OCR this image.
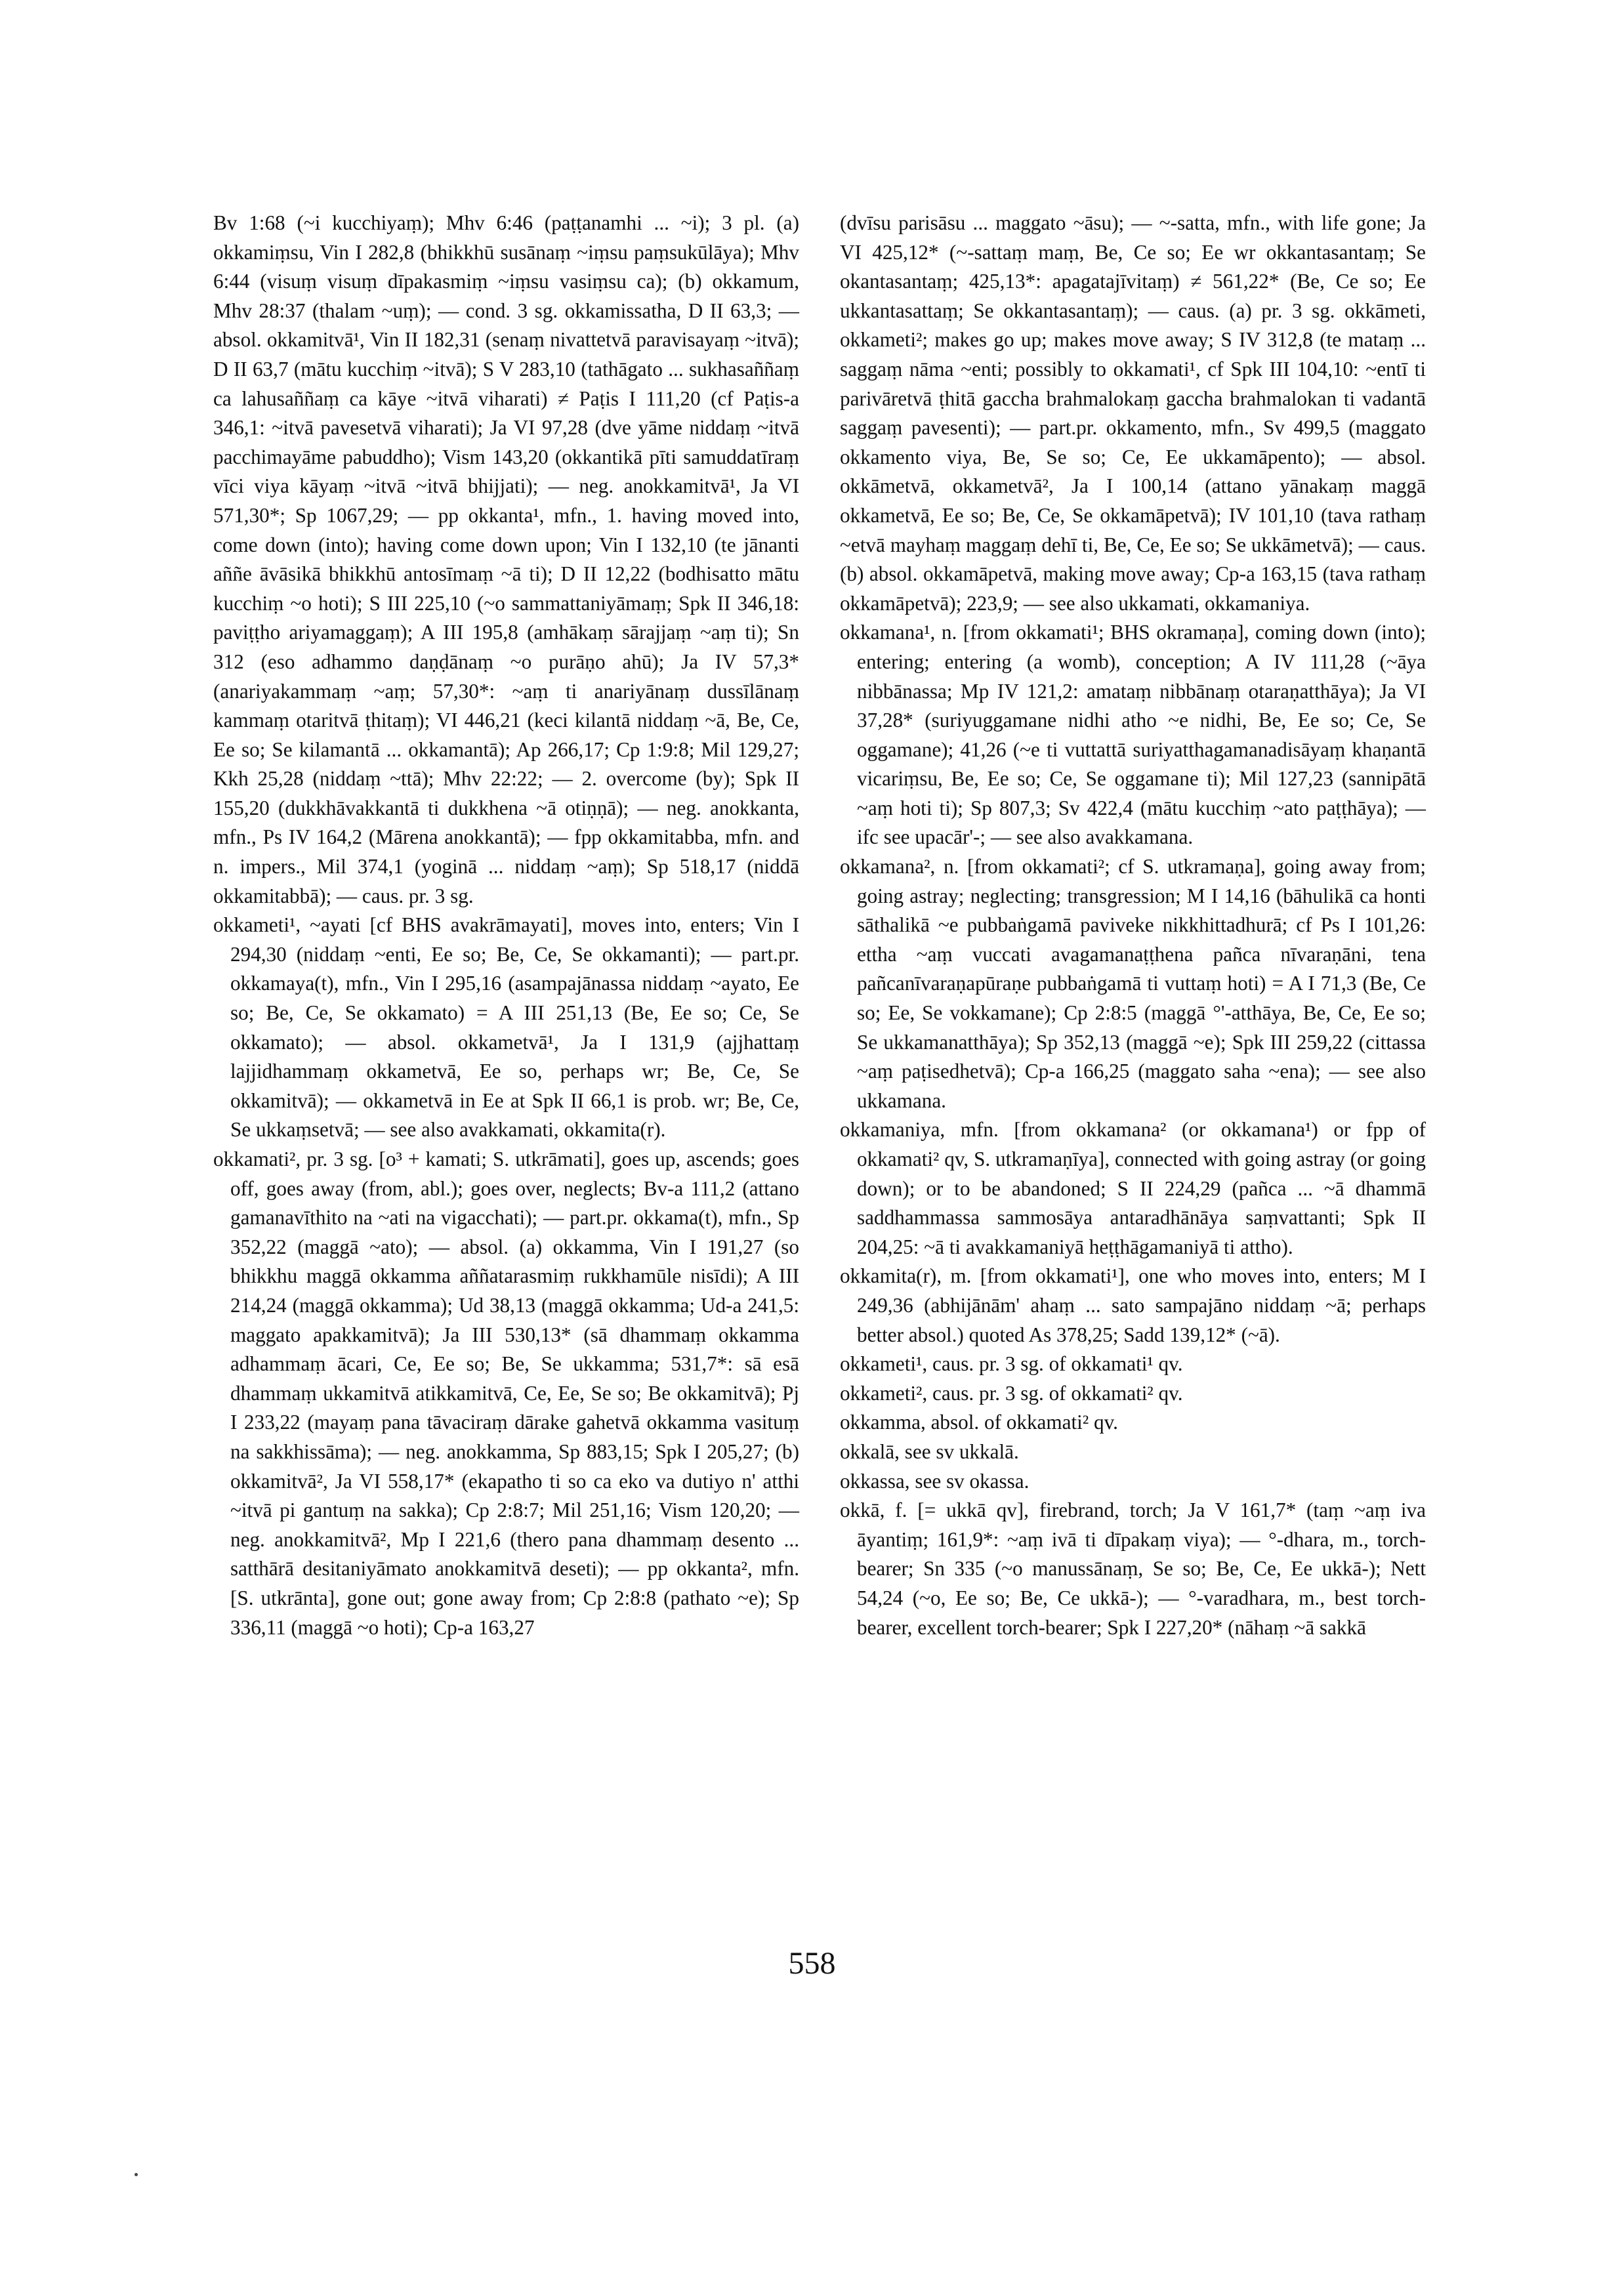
Bv 1:68 (~i kucchiyaṃ); Mhv 6:46 (paṭṭanamhi ... ~i); 3 pl. (a) okkamiṃsu, Vin I 282,8 (bhikkhū susānaṃ ~iṃsu paṃsukūlāya); Mhv 6:44 (visuṃ visuṃ dīpakasmiṃ ~iṃsu vasiṃsu ca); (b) okkamum, Mhv 28:37 (thalam ~uṃ); — cond. 3 sg. okkamissatha, D II 63,3; — absol. okkamitvā¹, Vin II 182,31 (senaṃ nivattetvā paravisayaṃ ~itvā); D II 63,7 (mātu kucchiṃ ~itvā); S V 283,10 (tathāgato ... sukhasaññaṃ ca lahusaññaṃ ca kāye ~itvā viharati) ≠ Paṭis I 111,20 (cf Paṭis-a 346,1: ~itvā pavesetvā viharati); Ja VI 97,28 (dve yāme niddaṃ ~itvā pacchimayāme pabuddho); Vism 143,20 (okkantikā pīti samuddatīraṃ vīci viya kāyaṃ ~itvā ~itvā bhijjati); — neg. anokkamitvā¹, Ja VI 571,30*; Sp 1067,29; — pp okkanta¹, mfn., 1. having moved into, come down (into); having come down upon; Vin I 132,10 (te jānanti aññe āvāsikā bhikkhū antosīmaṃ ~ā ti); D II 12,22 (bodhisatto mātu kucchiṃ ~o hoti); S III 225,10 (~o sammattaniyāmaṃ; Spk II 346,18: paviṭṭho ariyamaggaṃ); A III 195,8 (amhākaṃ sārajjaṃ ~aṃ ti); Sn 312 (eso adhammo daṇḍānaṃ ~o purāṇo ahū); Ja IV 57,3* (anariyakammaṃ ~aṃ; 57,30*: ~aṃ ti anariyānaṃ dussīlānaṃ kammaṃ otaritvā ṭhitaṃ); VI 446,21 (keci kilantā niddaṃ ~ā, Be, Ce, Ee so; Se kilamantā ... okkamantā); Ap 266,17; Cp 1:9:8; Mil 129,27; Kkh 25,28 (niddaṃ ~ttā); Mhv 22:22; — 2. overcome (by); Spk II 155,20 (dukkhāvakkantā ti dukkhena ~ā otiṇṇā); — neg. anokkanta, mfn., Ps IV 164,2 (Mārena anokkantā); — fpp okkamitabba, mfn. and n. impers., Mil 374,1 (yoginā ... niddaṃ ~aṃ); Sp 518,17 (niddā okkamitabbā); — caus. pr. 3 sg.

okkameti¹, ~ayati [cf BHS avakrāmayati], moves into, enters; Vin I 294,30 (niddaṃ ~enti, Ee so; Be, Ce, Se okkamanti); — part.pr. okkamaya(t), mfn., Vin I 295,16 (asampajānassa niddaṃ ~ayato, Ee so; Be, Ce, Se okkamato) = A III 251,13 (Be, Ee so; Ce, Se okkamato); — absol. okkametvā¹, Ja I 131,9 (ajjhattaṃ lajjidhammaṃ okkametvā, Ee so, perhaps wr; Be, Ce, Se okkamitvā); — okkametvā in Ee at Spk II 66,1 is prob. wr; Be, Ce, Se ukkaṃsetvā; — see also avakkamati, okkamita(r).

okkamati², pr. 3 sg. [o³ + kamati; S. utkrāmati], goes up, ascends; goes off, goes away (from, abl.); goes over, neglects; Bv-a 111,2 (attano gamanavīthito na ~ati na vigacchati); — part.pr. okkama(t), mfn., Sp 352,22 (maggā ~ato); — absol. (a) okkamma, Vin I 191,27 (so bhikkhu maggā okkamma aññatarasmiṃ rukkhamūle nisīdi); A III 214,24 (maggā okkamma); Ud 38,13 (maggā okkamma; Ud-a 241,5: maggato apakkamitvā); Ja III 530,13* (sā dhammaṃ okkamma adhammaṃ ācari, Ce, Ee so; Be, Se ukkamma; 531,7*: sā esā dhammaṃ ukkamitvā atikkamitvā, Ce, Ee, Se so; Be okkamitvā); Pj I 233,22 (mayaṃ pana tāvaciraṃ dārake gahetvā okkamma vasituṃ na sakkhissāma); — neg. anokkamma, Sp 883,15; Spk I 205,27; (b) okkamitvā², Ja VI 558,17* (ekapatho ti so ca eko va dutiyo n' atthi ~itvā pi gantuṃ na sakka); Cp 2:8:7; Mil 251,16; Vism 120,20; — neg. anokkamitvā², Mp I 221,6 (thero pana dhammaṃ desento ... satthārā desitaniyāmato anokkamitvā deseti); — pp okkanta², mfn. [S. utkrānta], gone out; gone away from; Cp 2:8:8 (pathato ~e); Sp 336,11 (maggā ~o hoti); Cp-a 163,27

(dvīsu parisāsu ... maggato ~āsu); — ~-satta, mfn., with life gone; Ja VI 425,12* (~-sattaṃ maṃ, Be, Ce so; Ee wr okkantasantaṃ; Se okantasantaṃ; 425,13*: apagatajīvitaṃ) ≠ 561,22* (Be, Ce so; Ee ukkantasattaṃ; Se okkantasantaṃ); — caus. (a) pr. 3 sg. okkāmeti, okkameti²; makes go up; makes move away; S IV 312,8 (te mataṃ ... saggaṃ nāma ~enti; possibly to okkamati¹, cf Spk III 104,10: ~entī ti parivāretvā ṭhitā gaccha brahmalokaṃ gaccha brahmalokan ti vadantā saggaṃ pavesenti); — part.pr. okkamento, mfn., Sv 499,5 (maggato okkamento viya, Be, Se so; Ce, Ee ukkamāpento); — absol. okkāmetvā, okkametvā², Ja I 100,14 (attano yānakaṃ maggā okkametvā, Ee so; Be, Ce, Se okkamāpetvā); IV 101,10 (tava rathaṃ ~etvā mayhaṃ maggaṃ dehī ti, Be, Ce, Ee so; Se ukkāmetvā); — caus. (b) absol. okkamāpetvā, making move away; Cp-a 163,15 (tava rathaṃ okkamāpetvā); 223,9; — see also ukkamati, okkamaniya.

okkamana¹, n. [from okkamati¹; BHS okramaṇa], coming down (into); entering; entering (a womb), conception; A IV 111,28 (~āya nibbānassa; Mp IV 121,2: amataṃ nibbānaṃ otaraṇatthāya); Ja VI 37,28* (suriyuggamane nidhi atho ~e nidhi, Be, Ee so; Ce, Se oggamane); 41,26 (~e ti vuttattā suriyatthagamanadisāyaṃ khaṇantā vicariṃsu, Be, Ee so; Ce, Se oggamane ti); Mil 127,23 (sannipātā ~aṃ hoti ti); Sp 807,3; Sv 422,4 (mātu kucchiṃ ~ato paṭṭhāya); — ifc see upacār'-; — see also avakkamana.

okkamana², n. [from okkamati²; cf S. utkramaṇa], going away from; going astray; neglecting; transgression; M I 14,16 (bāhulikā ca honti sāthalikā ~e pubbaṅgamā paviveke nikkhittadhurā; cf Ps I 101,26: ettha ~aṃ vuccati avagamanaṭṭhena pañca nīvaraṇāni, tena pañcanīvaraṇapūraṇe pubbaṅgamā ti vuttaṃ hoti) = A I 71,3 (Be, Ce so; Ee, Se vokkamane); Cp 2:8:5 (maggā °'-atthāya, Be, Ce, Ee so; Se ukkamanatthāya); Sp 352,13 (maggā ~e); Spk III 259,22 (cittassa ~aṃ paṭisedhetvā); Cp-a 166,25 (maggato saha ~ena); — see also ukkamana.

okkamaniya, mfn. [from okkamana² (or okkamana¹) or fpp of okkamati² qv, S. utkramaṇīya], connected with going astray (or going down); or to be abandoned; S II 224,29 (pañca ... ~ā dhammā saddhammassa sammosāya antaradhānāya saṃvattanti; Spk II 204,25: ~ā ti avakkamaniyā heṭṭhāgamaniyā ti attho).

okkamita(r), m. [from okkamati¹], one who moves into, enters; M I 249,36 (abhijānām' ahaṃ ... sato sampajāno niddaṃ ~ā; perhaps better absol.) quoted As 378,25; Sadd 139,12* (~ā).

okkameti¹, caus. pr. 3 sg. of okkamati¹ qv.

okkameti², caus. pr. 3 sg. of okkamati² qv.

okkamma, absol. of okkamati² qv.

okkalā, see sv ukkalā.

okkassa, see sv okassa.

okkā, f. [= ukkā qv], firebrand, torch; Ja V 161,7* (taṃ ~aṃ iva āyantiṃ; 161,9*: ~aṃ ivā ti dīpakaṃ viya); — °-dhara, m., torch-bearer; Sn 335 (~o manussānaṃ, Se so; Be, Ce, Ee ukkā-); Nett 54,24 (~o, Ee so; Be, Ce ukkā-); — °-varadhara, m., best torch-bearer, excellent torch-bearer; Spk I 227,20* (nāhaṃ ~ā sakkā

558
